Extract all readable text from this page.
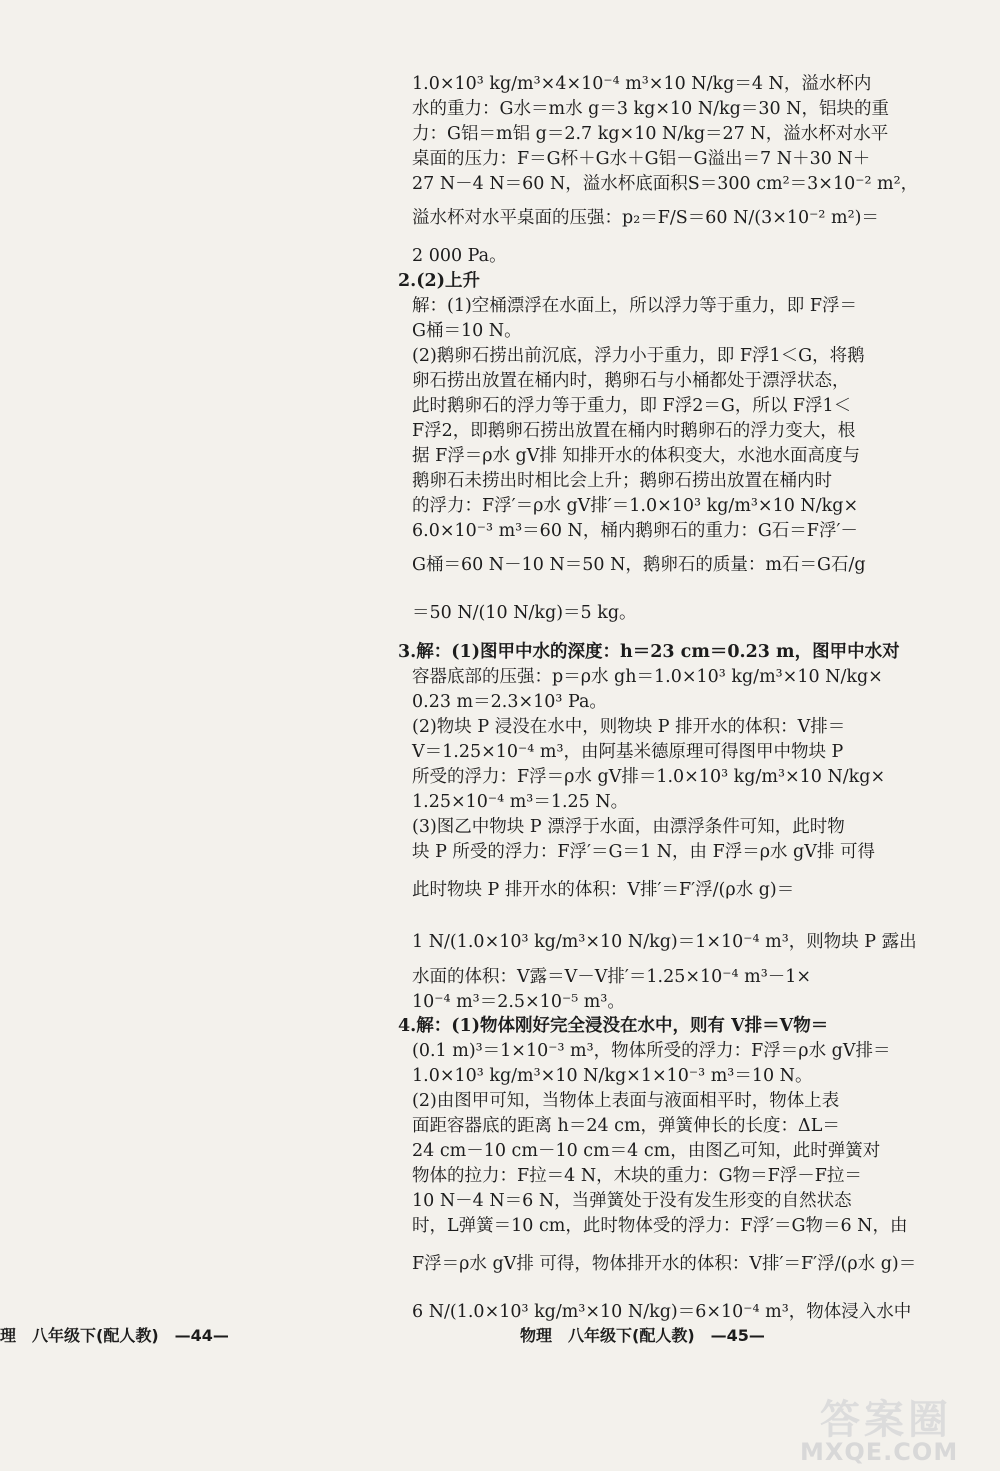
1.0×10³ kg/m³×4×10⁻⁴ m³×10 N/kg＝4 N，溢水杯内
水的重力：G水＝m水 g＝3 kg×10 N/kg＝30 N，铝块的重
力：G铝＝m铝 g＝2.7 kg×10 N/kg＝27 N，溢水杯对水平
桌面的压力：F＝G杯＋G水＋G铝－G溢出＝7 N＋30 N＋
27 N－4 N＝60 N，溢水杯底面积S＝300 cm²＝3×10⁻² m²，
溢水杯对水平桌面的压强：p₂＝F/S＝60 N/(3×10⁻² m²)＝
2 000 Pa。
2.(2)上升
解：(1)空桶漂浮在水面上，所以浮力等于重力，即 F浮＝
G桶＝10 N。
(2)鹅卵石捞出前沉底，浮力小于重力，即 F浮1＜G，将鹅
卵石捞出放置在桶内时，鹅卵石与小桶都处于漂浮状态，
此时鹅卵石的浮力等于重力，即 F浮2＝G，所以 F浮1＜
F浮2，即鹅卵石捞出放置在桶内时鹅卵石的浮力变大，根
据 F浮＝ρ水 gV排 知排开水的体积变大，水池水面高度与
鹅卵石未捞出时相比会上升；鹅卵石捞出放置在桶内时
的浮力：F浮′＝ρ水 gV排′＝1.0×10³ kg/m³×10 N/kg×
6.0×10⁻³ m³＝60 N，桶内鹅卵石的重力：G石＝F浮′－
G桶＝60 N－10 N＝50 N，鹅卵石的质量：m石＝G石/g
＝50 N/(10 N/kg)＝5 kg。
3.解：(1)图甲中水的深度：h＝23 cm＝0.23 m，图甲中水对
容器底部的压强：p＝ρ水 gh＝1.0×10³ kg/m³×10 N/kg×
0.23 m＝2.3×10³ Pa。
(2)物块 P 浸没在水中，则物块 P 排开水的体积：V排＝
V＝1.25×10⁻⁴ m³，由阿基米德原理可得图甲中物块 P
所受的浮力：F浮＝ρ水 gV排＝1.0×10³ kg/m³×10 N/kg×
1.25×10⁻⁴ m³＝1.25 N。
(3)图乙中物块 P 漂浮于水面，由漂浮条件可知，此时物
块 P 所受的浮力：F浮′＝G＝1 N，由 F浮＝ρ水 gV排 可得
此时物块 P 排开水的体积：V排′＝F′浮/(ρ水 g)＝
1 N/(1.0×10³ kg/m³×10 N/kg)＝1×10⁻⁴ m³，则物块 P 露出
水面的体积：V露＝V－V排′＝1.25×10⁻⁴ m³－1×
10⁻⁴ m³＝2.5×10⁻⁵ m³。
4.解：(1)物体刚好完全浸没在水中，则有 V排＝V物＝
(0.1 m)³＝1×10⁻³ m³，物体所受的浮力：F浮＝ρ水 gV排＝
1.0×10³ kg/m³×10 N/kg×1×10⁻³ m³＝10 N。
(2)由图甲可知，当物体上表面与液面相平时，物体上表
面距容器底的距离 h＝24 cm，弹簧伸长的长度：ΔL＝
24 cm－10 cm－10 cm＝4 cm，由图乙可知，此时弹簧对
物体的拉力：F拉＝4 N，木块的重力：G物＝F浮－F拉＝
10 N－4 N＝6 N，当弹簧处于没有发生形变的自然状态
时，L弹簧＝10 cm，此时物体受的浮力：F浮′＝G物＝6 N，由
F浮＝ρ水 gV排 可得，物体排开水的体积：V排′＝F′浮/(ρ水 g)＝
6 N/(1.0×10³ kg/m³×10 N/kg)＝6×10⁻⁴ m³，物体浸入水中
理　八年级下(配人教)　—44—	物理　八年级下(配人教)　—45—
答案圈
MXQE.COM
